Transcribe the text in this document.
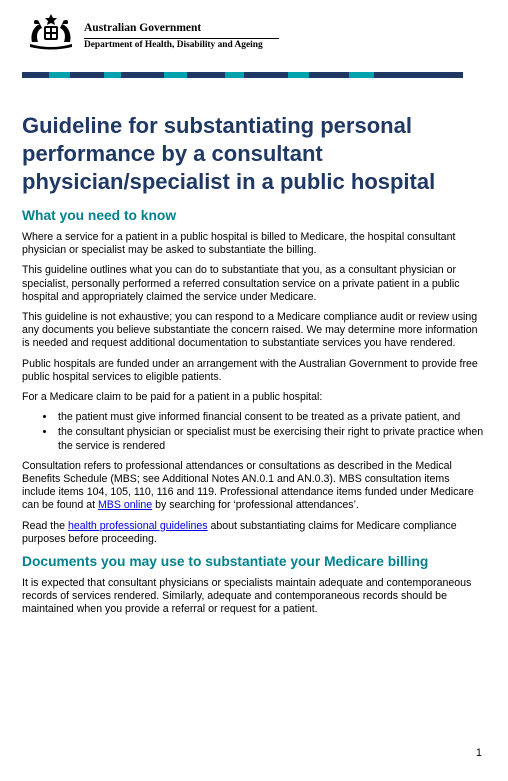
Australian Government
Department of Health, Disability and Ageing
Guideline for substantiating personal performance by a consultant physician/specialist in a public hospital
What you need to know

Where a service for a patient in a public hospital is billed to Medicare, the hospital consultant physician or specialist may be asked to substantiate the billing.

This guideline outlines what you can do to substantiate that you, as a consultant physician or specialist, personally performed a referred consultation service on a private patient in a public hospital and appropriately claimed the service under Medicare.

This guideline is not exhaustive; you can respond to a Medicare compliance audit or review using any documents you believe substantiate the concern raised. We may determine more information is needed and request additional documentation to substantiate services you have rendered.

Public hospitals are funded under an arrangement with the Australian Government to provide free public hospital services to eligible patients.

For a Medicare claim to be paid for a patient in a public hospital:

• the patient must give informed financial consent to be treated as a private patient, and
• the consultant physician or specialist must be exercising their right to private practice when the service is rendered

Consultation refers to professional attendances or consultations as described in the Medical Benefits Schedule (MBS; see Additional Notes AN.0.1 and AN.0.3). MBS consultation items include items 104, 105, 110, 116 and 119. Professional attendance items funded under Medicare can be found at MBS online by searching for ‘professional attendances’.

Read the health professional guidelines about substantiating claims for Medicare compliance purposes before proceeding.

Documents you may use to substantiate your Medicare billing

It is expected that consultant physicians or specialists maintain adequate and contemporaneous records of services rendered. Similarly, adequate and contemporaneous records should be maintained when you provide a referral or request for a patient.

1
